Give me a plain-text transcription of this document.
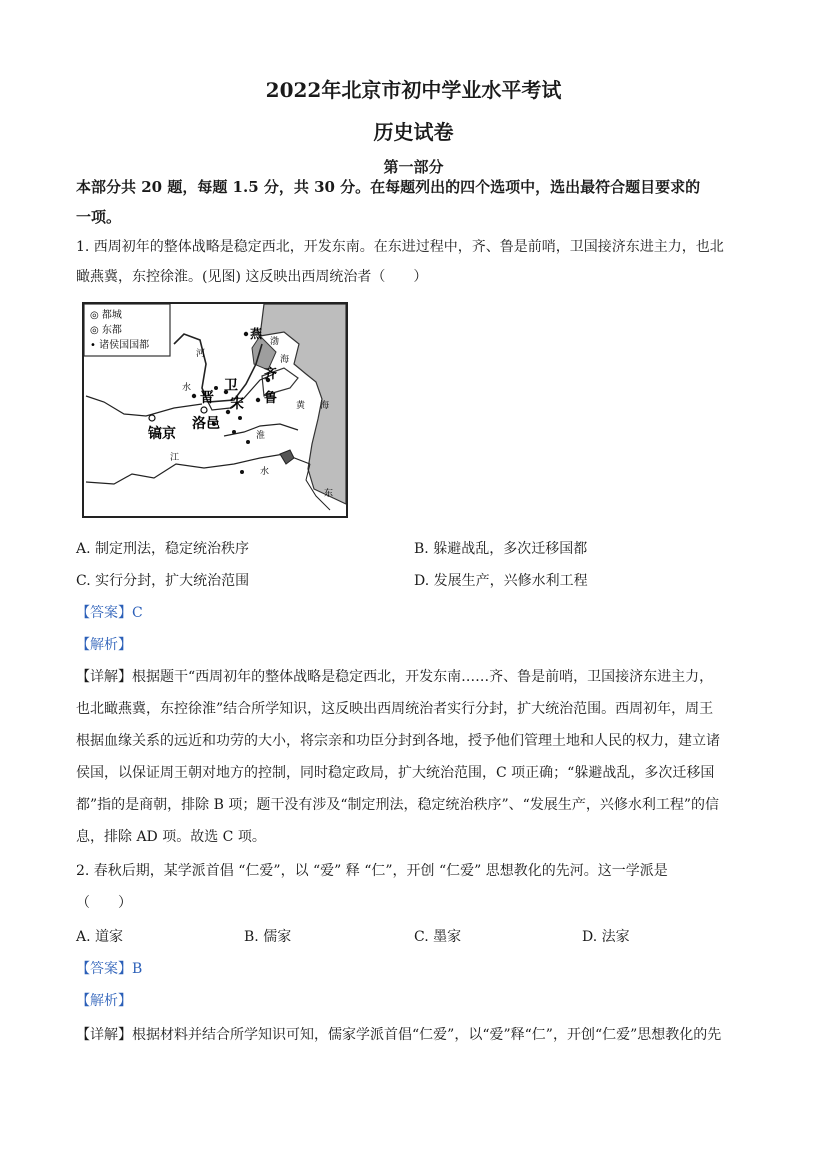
2022年北京市初中学业水平考试
历史试卷
第一部分
本部分共 20 题，每题 1.5 分，共 30 分。在每题列出的四个选项中，选出最符合题目要求的
一项。
1. 西周初年的整体战略是稳定西北，开发东南。在东进过程中，齐、鲁是前哨，卫国接济东进主力，也北
瞰燕冀，东控徐淮。(见图) 这反映出西周统治者（　　）
◎ 都城
◎ 东都
• 诸侯国国都
燕
渤
海
晋
卫
齐
鲁
宋
洛邑
镐京
黄 海
河
水
江
淮
水
东
A. 制定刑法，稳定统治秩序	B. 躲避战乱，多次迁移国都
C. 实行分封，扩大统治范围	D. 发展生产，兴修水利工程
【答案】C
【解析】
【详解】根据题干“西周初年的整体战略是稳定西北，开发东南……齐、鲁是前哨，卫国接济东进主力，
也北瞰燕冀，东控徐淮”结合所学知识，这反映出西周统治者实行分封，扩大统治范围。西周初年，周王
根据血缘关系的远近和功劳的大小，将宗亲和功臣分封到各地，授予他们管理土地和人民的权力，建立诸
侯国，以保证周王朝对地方的控制，同时稳定政局，扩大统治范围，C 项正确；“躲避战乱，多次迁移国
都”指的是商朝，排除 B 项；题干没有涉及“制定刑法，稳定统治秩序”、“发展生产，兴修水利工程”的信
息，排除 AD 项。故选 C 项。
2. 春秋后期，某学派首倡 “仁爱”，以 “爱” 释 “仁”，开创 “仁爱” 思想教化的先河。这一学派是
（　　）
A. 道家	B. 儒家	C. 墨家	D. 法家
【答案】B
【解析】
【详解】根据材料并结合所学知识可知，儒家学派首倡“仁爱”，以“爱”释“仁”，开创“仁爱”思想教化的先
